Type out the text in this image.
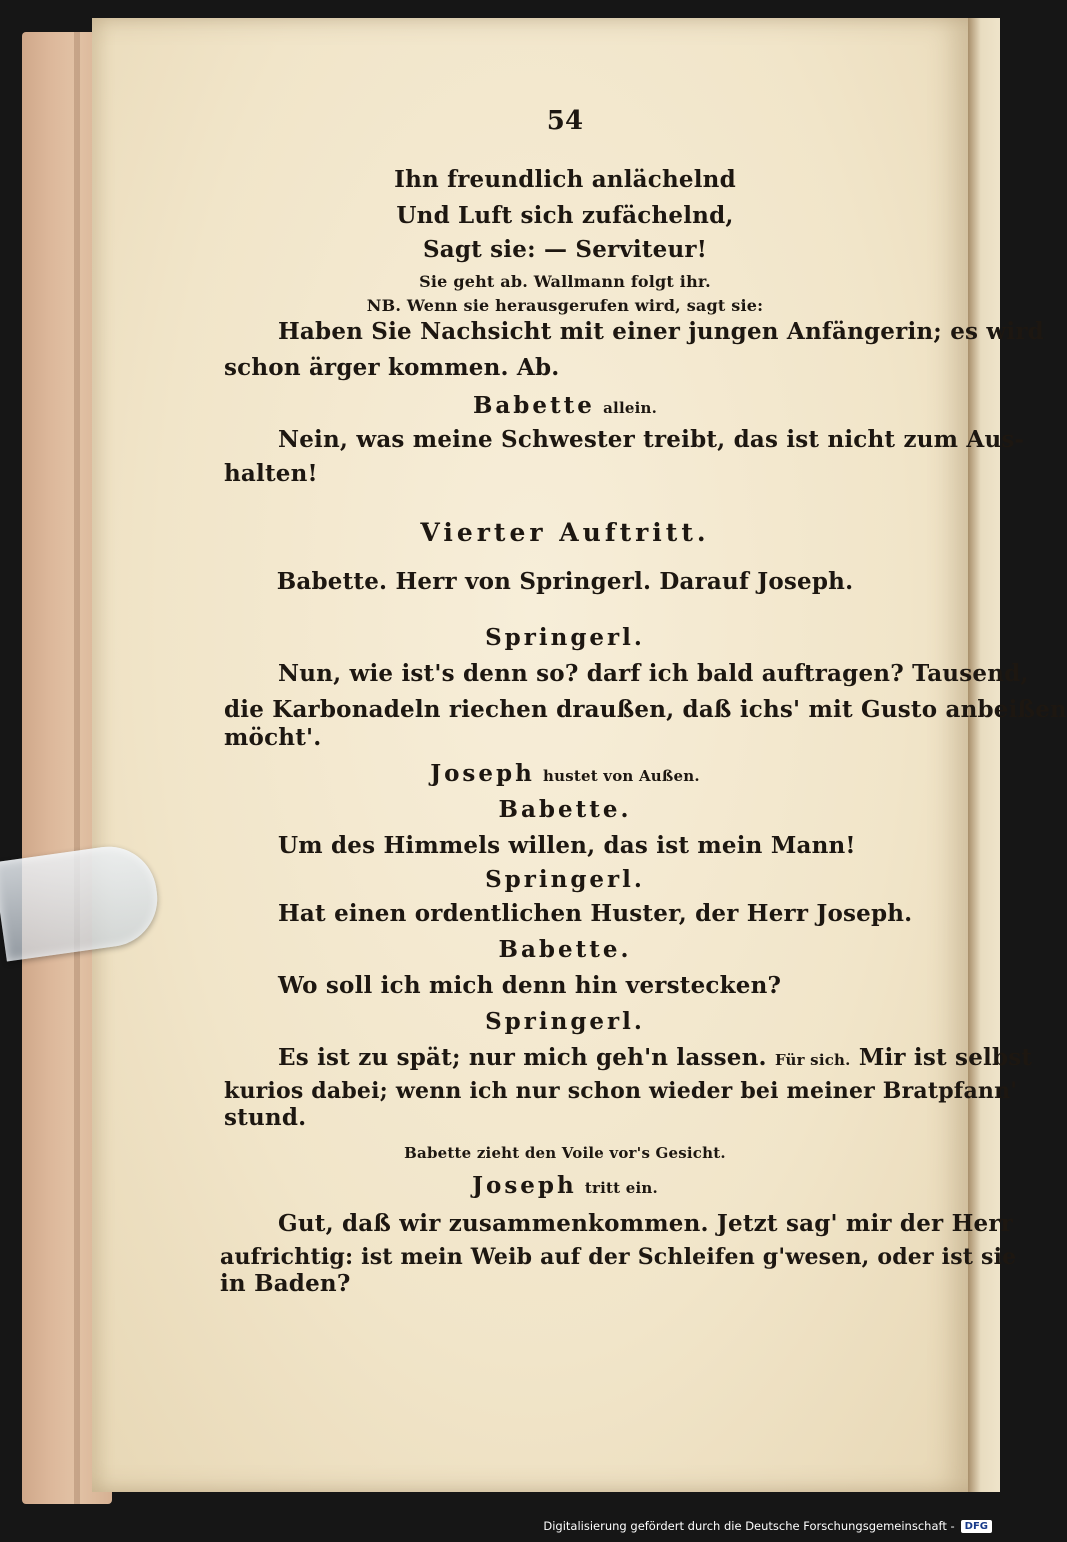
54
Ihn freundlich anlächelnd
Und Luft sich zufächelnd,
Sagt sie: — Serviteur!
Sie geht ab. Wallmann folgt ihr.
NB. Wenn sie herausgerufen wird, sagt sie:
Haben Sie Nachsicht mit einer jungen Anfängerin; es wird
schon ärger kommen. Ab.
Babette allein.
Nein, was meine Schwester treibt, das ist nicht zum Aus-
halten!
Vierter Auftritt.
Babette. Herr von Springerl. Darauf Joseph.
Springerl.
Nun, wie ist's denn so? darf ich bald auftragen? Tausend,
die Karbonadeln riechen draußen, daß ichs' mit Gusto anbeißen
möcht'.
Joseph hustet von Außen.
Babette.
Um des Himmels willen, das ist mein Mann!
Springerl.
Hat einen ordentlichen Huster, der Herr Joseph.
Babette.
Wo soll ich mich denn hin verstecken?
Springerl.
Es ist zu spät; nur mich geh'n lassen. Für sich. Mir ist selbst
kurios dabei; wenn ich nur schon wieder bei meiner Bratpfann'
stund.
Babette zieht den Voile vor's Gesicht.
Joseph tritt ein.
Gut, daß wir zusammenkommen. Jetzt sag' mir der Herr
aufrichtig: ist mein Weib auf der Schleifen g'wesen, oder ist sie
in Baden?
Digitalisierung gefördert durch die Deutsche Forschungsgemeinschaft -	DFG
